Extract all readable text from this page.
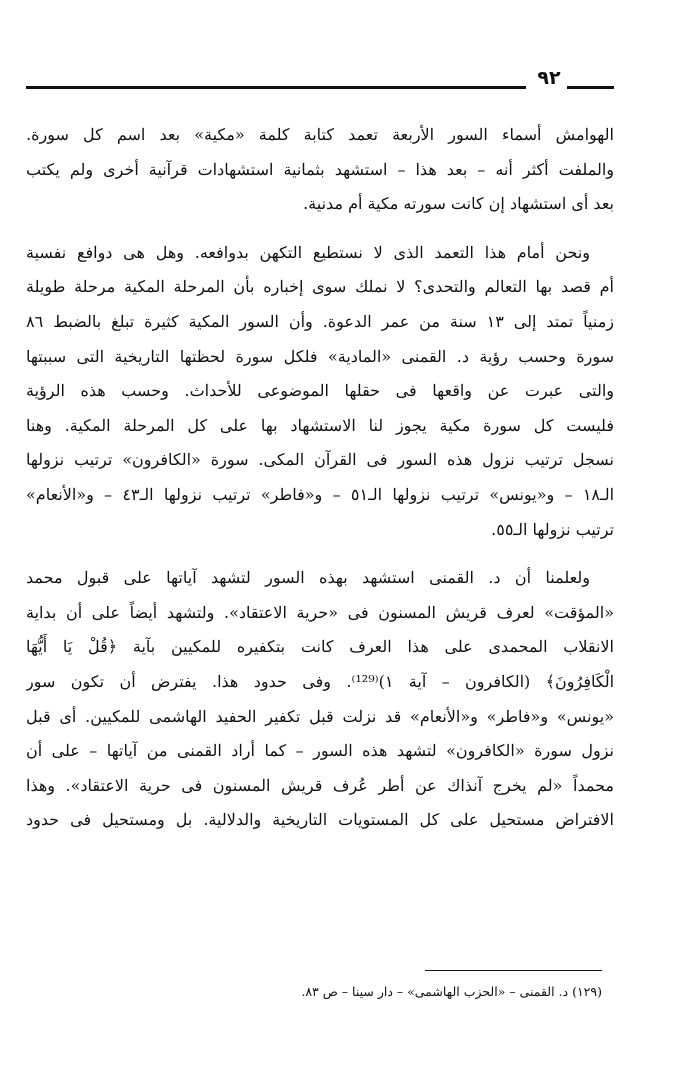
٩٢
الهوامش أسماء السور الأربعة تعمد كتابة كلمة «مكية» بعد اسم كل سورة.
والملفت أكثر أنه – بعد هذا – استشهد بثمانية استشهادات قرآنية أخرى ولم يكتب
بعد أى استشهاد إن كانت سورته مكية أم مدنية.
ونحن أمام هذا التعمد الذى لا نستطيع التكهن بدوافعه. وهل هى دوافع نفسية
أم قصد بها التعالم والتحدى؟ لا نملك سوى إخباره بأن المرحلة المكية مرحلة طويلة
زمنياً تمتد إلى ١٣ سنة من عمر الدعوة. وأن السور المكية كثيرة تبلغ بالضبط ٨٦
سورة وحسب رؤية د. القمنى «المادية» فلكل سورة لحظتها التاريخية التى سببتها
والتى عبرت عن واقعها فى حقلها الموضوعى للأحداث. وحسب هذه الرؤية
فليست كل سورة مكية يجوز لنا الاستشهاد بها على كل المرحلة المكية. وهنا
نسجل ترتيب نزول هذه السور فى القرآن المكى. سورة «الكافرون» ترتيب نزولها
الـ١٨ – و«يونس» ترتيب نزولها الـ٥١ – و«فاطر» ترتيب نزولها الـ٤٣ – و«الأنعام»
ترتيب نزولها الـ٥٥.
ولعلمنا أن د. القمنى استشهد بهذه السور لتشهد آياتها على قبول محمد
«المؤقت» لعرف قريش المسنون فى «حرية الاعتقاد». ولتشهد أيضاً على أن بداية
الانقلاب المحمدى على هذا العرف كانت بتكفيره للمكيين بآية ﴿قُلْ يَا أَيُّهَا
الْكَافِرُونَ﴾ (الكافرون – آية ١)⁽¹²⁹⁾. وفى حدود هذا. يفترض أن تكون سور
«يونس» و«فاطر» و«الأنعام» قد نزلت قبل تكفير الحفيد الهاشمى للمكيين. أى قبل
نزول سورة «الكافرون» لتشهد هذه السور – كما أراد القمنى من آياتها – على أن
محمداً «لم يخرج آنذاك عن أطر عُرف قريش المسنون فى حرية الاعتقاد». وهذا
الافتراض مستحيل على كل المستويات التاريخية والدلالية. بل ومستحيل فى حدود
(١٢٩) د. القمنى – «الحزب الهاشمى» – دار سينا – ص ٨٣.
